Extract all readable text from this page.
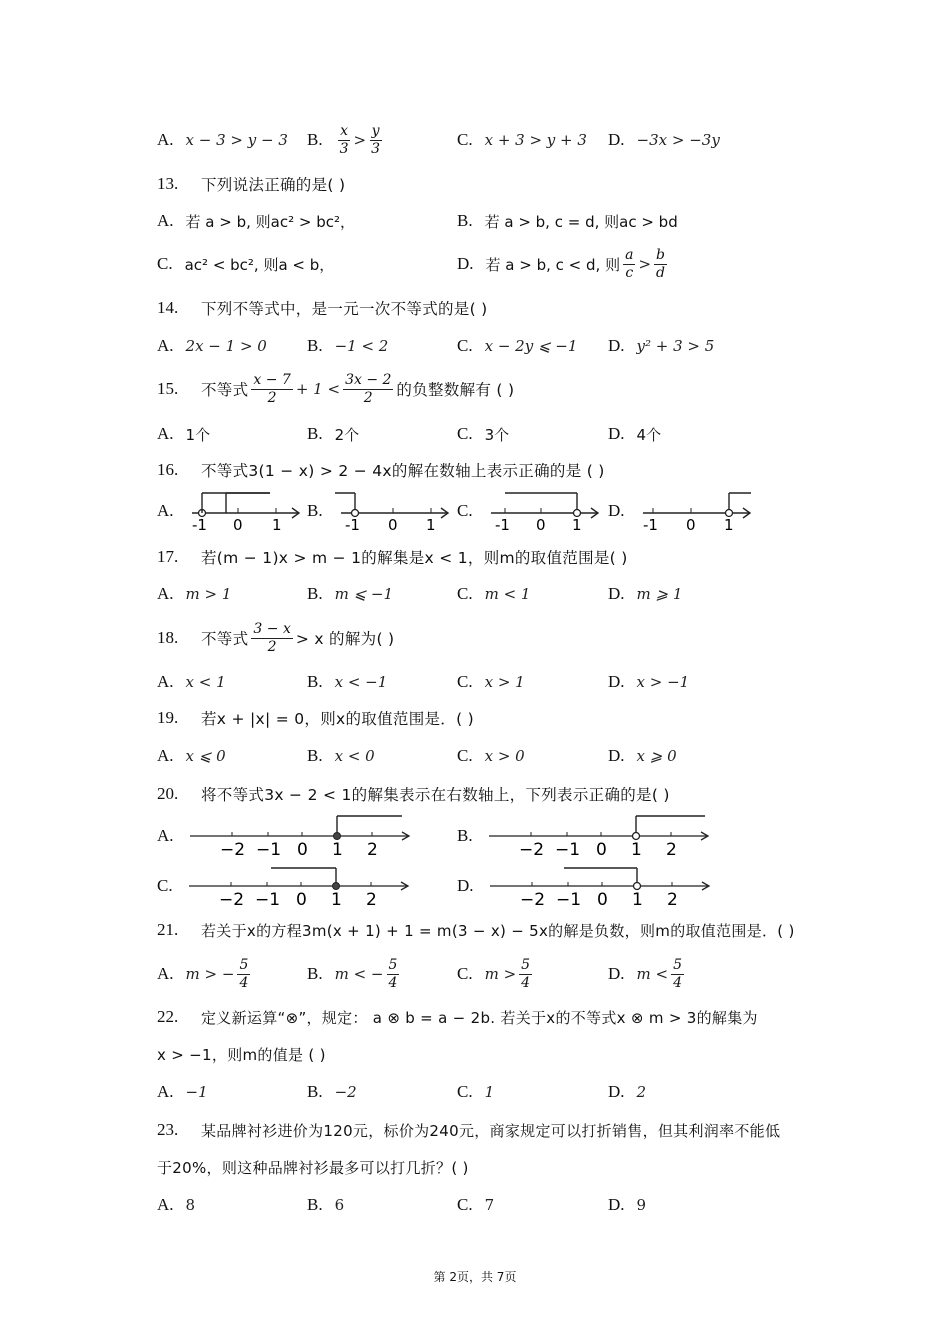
A. x − 3 > y − 3 B. $\frac{x}{3} > \frac{y}{3}$	C. x + 3 > y + 3 D. −3x > −3y
13.	下列说法正确的是( )
A. 若 a > b, 则ac² > bc²，	B. 若 a > b, c = d, 则ac > bd
C. ac² < bc², 则a < b，	D. 若 a > b, c < d, 则 $\frac{a}{c} > \frac{b}{d}$
14.	下列不等式中，是一元一次不等式的是( )
A. 2x − 1 > 0 B. −1 < 2	C. x − 2y ⩽ −1 D. y² + 3 > 5
15.	不等式 $\frac{x - 7}{2} + 1 < \frac{3x - 2}{2}$ 的负整数解有 ( )
A. 1个	B. 2个	C. 3个	D. 4个
16.	不等式3(1 − x) > 2 − 4x的解在数轴上表示正确的是 ( )
A.
-1 0 1
B.
-1 0 1
C.
-1 0 1
D.
-1 0 1
17.	若(m − 1)x > m − 1的解集是x < 1，则m的取值范围是( )
A. m > 1	B. m ⩽ −1	C. m < 1	D. m ⩾ 1
18.	不等式 $\frac{3 - x}{2} > x$ 的解为( )
A. x < 1	B. x < −1	C. x > 1	D. x > −1
19.	若x + |x| = 0，则x的取值范围是．( )
A. x ⩽ 0	B. x < 0	C. x > 0	D. x ⩾ 0
20.	将不等式3x − 2 < 1的解集表示在右数轴上，下列表示正确的是( )
A.
−2 −1 0 1 2
B.
−2 −1 0 1 2
C.
−2 −1 0 1 2
D.
−2 −1 0 1 2
21.	若关于x的方程3m(x + 1) + 1 = m(3 − x) − 5x的解是负数，则m的取值范围是．( )
A. m > − $\frac{5}{4}$	B. m < − $\frac{5}{4}$	C. $m > \frac{5}{4}$	D. $m < \frac{5}{4}$
22.	定义新运算“⊗”，规定： a ⊗ b = a − 2b. 若关于x的不等式x ⊗ m > 3的解集为
x > −1，则m的值是 ( )
A. −1	B. −2	C. 1	D. 2
23.	某品牌衬衫进价为120元，标价为240元，商家规定可以打折销售，但其利润率不能低
于20%，则这种品牌衬衫最多可以打几折？( )
A. 8	B. 6	C. 7	D. 9
第 2页，共 7页
